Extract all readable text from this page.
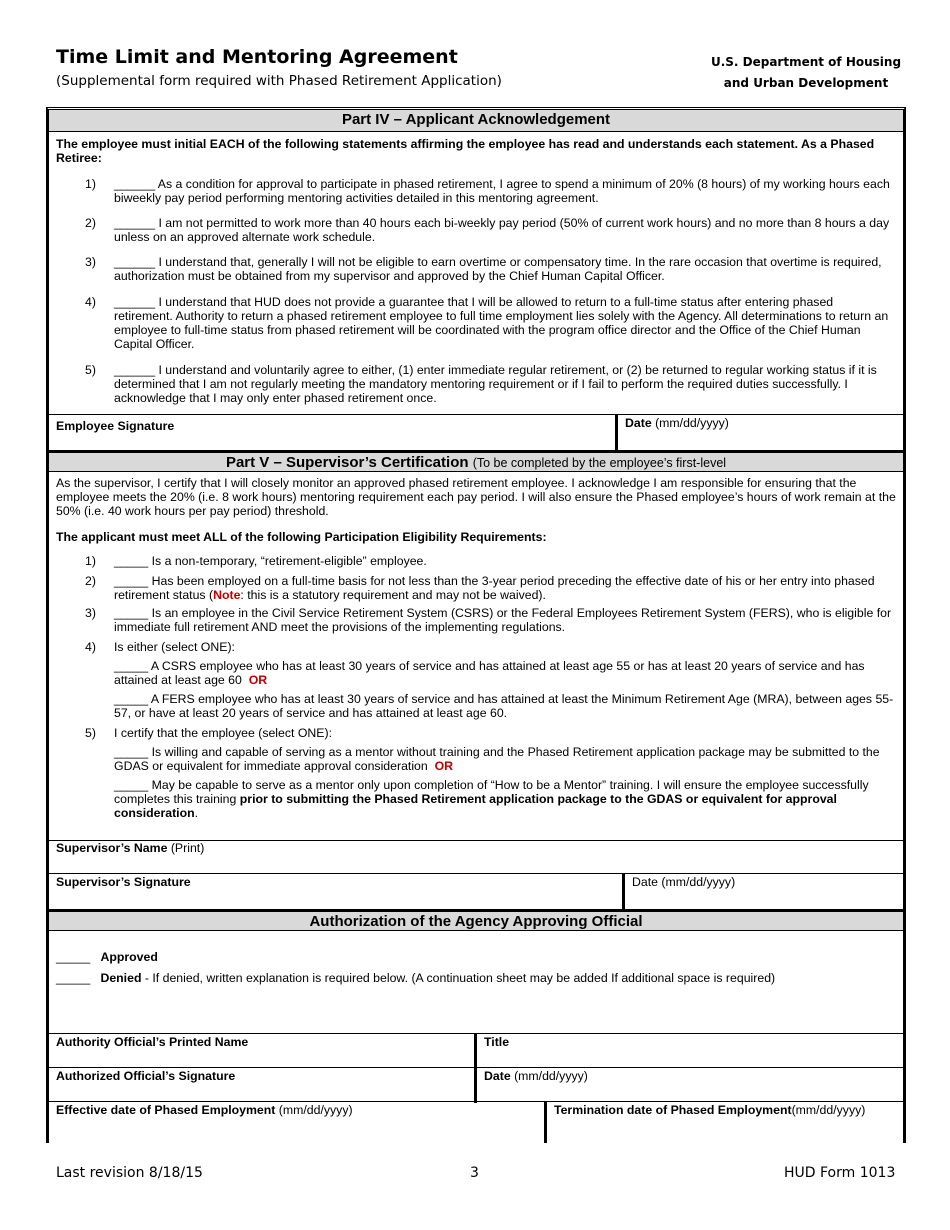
Time Limit and Mentoring Agreement
(Supplemental form required with Phased Retirement Application)
U.S. Department of Housing
and Urban Development
Part IV – Applicant Acknowledgement
The employee must initial EACH of the following statements affirming the employee has read and understands each statement. As a Phased Retiree:
1) ______ As a condition for approval to participate in phased retirement, I agree to spend a minimum of 20% (8 hours) of my working hours each biweekly pay period performing mentoring activities detailed in this mentoring agreement.
2) ______ I am not permitted to work more than 40 hours each bi-weekly pay period (50% of current work hours) and no more than 8 hours a day unless on an approved alternate work schedule.
3) ______ I understand that, generally I will not be eligible to earn overtime or compensatory time. In the rare occasion that overtime is required, authorization must be obtained from my supervisor and approved by the Chief Human Capital Officer.
4) ______ I understand that HUD does not provide a guarantee that I will be allowed to return to a full-time status after entering phased retirement. Authority to return a phased retirement employee to full time employment lies solely with the Agency. All determinations to return an employee to full-time status from phased retirement will be coordinated with the program office director and the Office of the Chief Human Capital Officer.
5) ______ I understand and voluntarily agree to either, (1) enter immediate regular retirement, or (2) be returned to regular working status if it is determined that I am not regularly meeting the mandatory mentoring requirement or if I fail to perform the required duties successfully. I acknowledge that I may only enter phased retirement once.
Employee Signature	Date (mm/dd/yyyy)
Part V – Supervisor’s Certification (To be completed by the employee’s first-level
As the supervisor, I certify that I will closely monitor an approved phased retirement employee. I acknowledge I am responsible for ensuring that the employee meets the 20% (i.e. 8 work hours) mentoring requirement each pay period. I will also ensure the Phased employee’s hours of work remain at the 50% (i.e. 40 work hours per pay period) threshold.
The applicant must meet ALL of the following Participation Eligibility Requirements:
1) _____ Is a non-temporary, “retirement-eligible” employee.
2) _____ Has been employed on a full-time basis for not less than the 3-year period preceding the effective date of his or her entry into phased retirement status (Note: this is a statutory requirement and may not be waived).
3) _____ Is an employee in the Civil Service Retirement System (CSRS) or the Federal Employees Retirement System (FERS), who is eligible for immediate full retirement AND meet the provisions of the implementing regulations.
4) Is either (select ONE):
_____ A CSRS employee who has at least 30 years of service and has attained at least age 55 or has at least 20 years of service and has attained at least age 60 OR
_____ A FERS employee who has at least 30 years of service and has attained at least the Minimum Retirement Age (MRA), between ages 55-57, or have at least 20 years of service and has attained at least age 60.
5) I certify that the employee (select ONE):
_____ Is willing and capable of serving as a mentor without training and the Phased Retirement application package may be submitted to the GDAS or equivalent for immediate approval consideration OR
_____ May be capable to serve as a mentor only upon completion of “How to be a Mentor” training. I will ensure the employee successfully completes this training prior to submitting the Phased Retirement application package to the GDAS or equivalent for approval consideration.
Supervisor’s Name (Print)
Supervisor’s Signature	Date (mm/dd/yyyy)
Authorization of the Agency Approving Official
_____ Approved
_____ Denied - If denied, written explanation is required below. (A continuation sheet may be added If additional space is required)
Authority Official’s Printed Name	Title
Authorized Official’s Signature	Date (mm/dd/yyyy)
Effective date of Phased Employment (mm/dd/yyyy)	Termination date of Phased Employment(mm/dd/yyyy)
Last revision 8/18/15	3	HUD Form 1013
